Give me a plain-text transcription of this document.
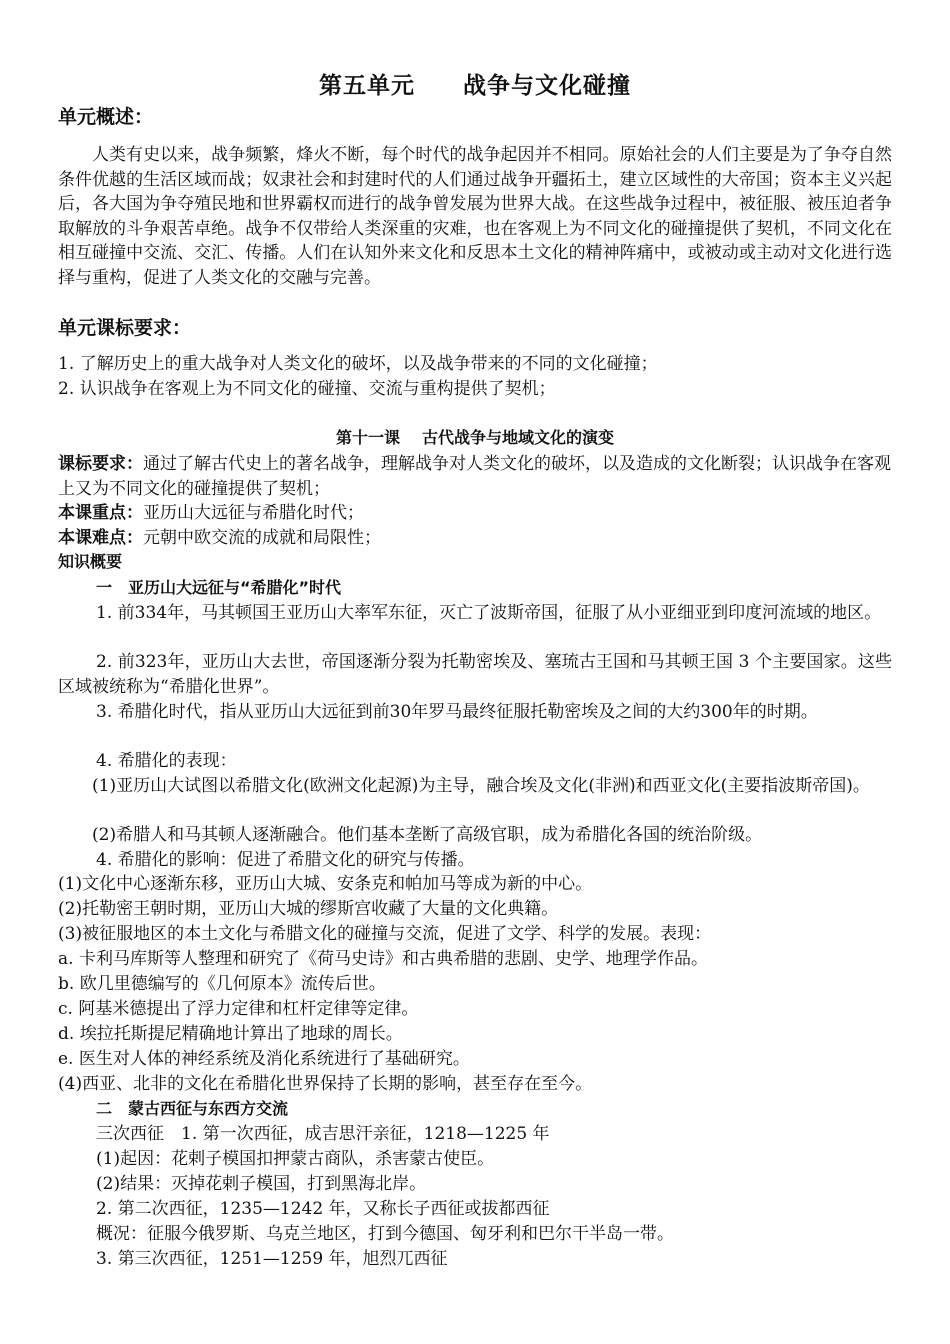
第五单元 战争与文化碰撞
单元概述：
人类有史以来，战争频繁，烽火不断，每个时代的战争起因并不相同。原始社会的人们主要是为了争夺自然条件优越的生活区域而战；奴隶社会和封建时代的人们通过战争开疆拓土，建立区域性的大帝国；资本主义兴起后，各大国为争夺殖民地和世界霸权而进行的战争曾发展为世界大战。在这些战争过程中，被征服、被压迫者争取解放的斗争艰苦卓绝。战争不仅带给人类深重的灾难，也在客观上为不同文化的碰撞提供了契机，不同文化在相互碰撞中交流、交汇、传播。人们在认知外来文化和反思本土文化的精神阵痛中，或被动或主动对文化进行选择与重构，促进了人类文化的交融与完善。
单元课标要求：
1. 了解历史上的重大战争对人类文化的破坏，以及战争带来的不同的文化碰撞；
2. 认识战争在客观上为不同文化的碰撞、交流与重构提供了契机；
第十一课 古代战争与地域文化的演变
课标要求：通过了解古代史上的著名战争，理解战争对人类文化的破坏，以及造成的文化断裂；认识战争在客观上又为不同文化的碰撞提供了契机；
本课重点：亚历山大远征与希腊化时代；
本课难点：元朝中欧交流的成就和局限性；
知识概要
一　亚历山大远征与“希腊化”时代
1. 前334年，马其顿国王亚历山大率军东征，灭亡了波斯帝国，征服了从小亚细亚到印度河流域的地区。
2. 前323年，亚历山大去世，帝国逐渐分裂为托勒密埃及、塞琉古王国和马其顿王国 3 个主要国家。这些区域被统称为“希腊化世界”。
3. 希腊化时代，指从亚历山大远征到前30年罗马最终征服托勒密埃及之间的大约300年的时期。
4. 希腊化的表现：
(1)亚历山大试图以希腊文化(欧洲文化起源)为主导，融合埃及文化(非洲)和西亚文化(主要指波斯帝国)。
(2)希腊人和马其顿人逐渐融合。他们基本垄断了高级官职，成为希腊化各国的统治阶级。
4. 希腊化的影响：促进了希腊文化的研究与传播。
(1)文化中心逐渐东移，亚历山大城、安条克和帕加马等成为新的中心。
(2)托勒密王朝时期，亚历山大城的缪斯宫收藏了大量的文化典籍。
(3)被征服地区的本土文化与希腊文化的碰撞与交流，促进了文学、科学的发展。表现：
a. 卡利马库斯等人整理和研究了《荷马史诗》和古典希腊的悲剧、史学、地理学作品。
b. 欧几里德编写的《几何原本》流传后世。
c. 阿基米德提出了浮力定律和杠杆定律等定律。
d. 埃拉托斯提尼精确地计算出了地球的周长。
e. 医生对人体的神经系统及消化系统进行了基础研究。
(4)西亚、北非的文化在希腊化世界保持了长期的影响，甚至存在至今。
二　蒙古西征与东西方交流
三次西征　1. 第一次西征，成吉思汗亲征，1218—1225 年
(1)起因：花剌子模国扣押蒙古商队，杀害蒙古使臣。
(2)结果：灭掉花剌子模国，打到黑海北岸。
2. 第二次西征，1235—1242 年，又称长子西征或拔都西征
概况：征服今俄罗斯、乌克兰地区，打到今德国、匈牙利和巴尔干半岛一带。
3. 第三次西征，1251—1259 年，旭烈兀西征
